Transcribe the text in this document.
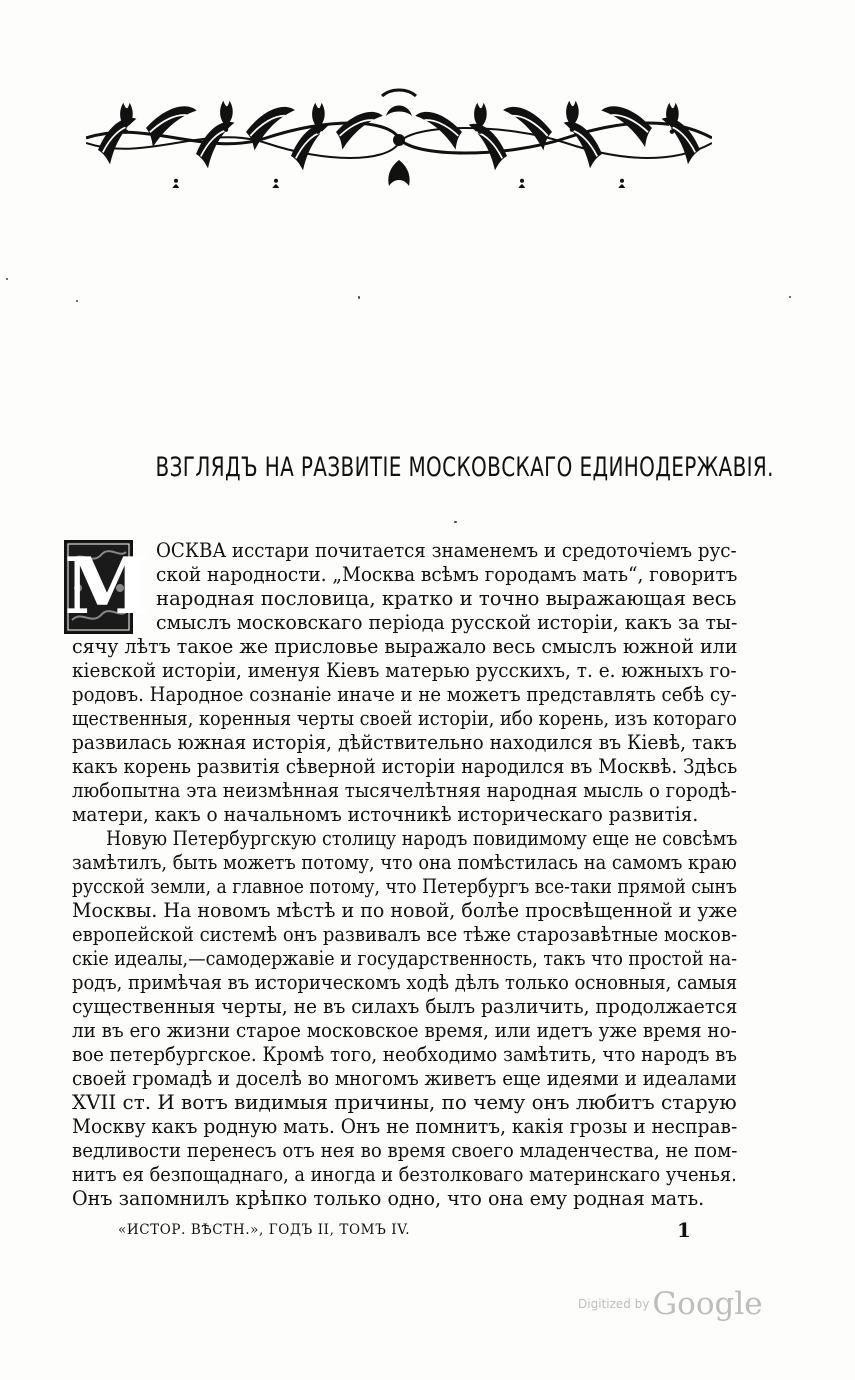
ВЗГЛЯДЪ НА РАЗВИТІЕ МОСКОВСКАГО ЕДИНОДЕРЖАВІЯ.
М ОСКВА исстари почитается знаменемъ и средоточіемъ рус-
ской народности. „Москва всѣмъ городамъ мать“, говоритъ
народная пословица, кратко и точно выражающая весь
смыслъ московскаго періода русской исторіи, какъ за ты-
сячу лѣтъ такое же присловье выражало весь смыслъ южной или
кіевской исторіи, именуя Кіевъ матерью русскихъ, т. е. южныхъ го-
родовъ. Народное сознаніе иначе и не можетъ представлять себѣ су-
щественныя, коренныя черты своей исторіи, ибо корень, изъ котораго
развилась южная исторія, дѣйствительно находился въ Кіевѣ, такъ
какъ корень развитія сѣверной исторіи народился въ Москвѣ. Здѣсь
любопытна эта неизмѣнная тысячелѣтняя народная мысль о городѣ-
матери, какъ о начальномъ источникѣ историческаго развитія.
Новую Петербургскую столицу народъ повидимому еще не совсѣмъ
замѣтилъ, быть можетъ потому, что она помѣстилась на самомъ краю
русской земли, а главное потому, что Петербургъ все-таки прямой сынъ
Москвы. На новомъ мѣстѣ и по новой, болѣе просвѣщенной и уже
европейской системѣ онъ развивалъ все тѣже старозавѣтные москов-
скіе идеалы,—самодержавіе и государственность, такъ что простой на-
родъ, примѣчая въ историческомъ ходѣ дѣлъ только основныя, самыя
существенныя черты, не въ силахъ былъ различить, продолжается
ли въ его жизни старое московское время, или идетъ уже время но-
вое петербургское. Кромѣ того, необходимо замѣтить, что народъ въ
своей громадѣ и доселѣ во многомъ живетъ еще идеями и идеалами
XVII ст. И вотъ видимыя причины, по чему онъ любитъ старую
Москву какъ родную мать. Онъ не помнитъ, какія грозы и несправ-
ведливости перенесъ отъ нея во время своего младенчества, не пом-
нитъ ея безпощаднаго, а иногда и безтолковаго материнскаго ученья.
Онъ запомнилъ крѣпко только одно, что она ему родная мать.
«ИСТОР. ВѢСТН.», ГОДЪ II, ТОМЪ IV.	1
$^{Digitized by}$Google
